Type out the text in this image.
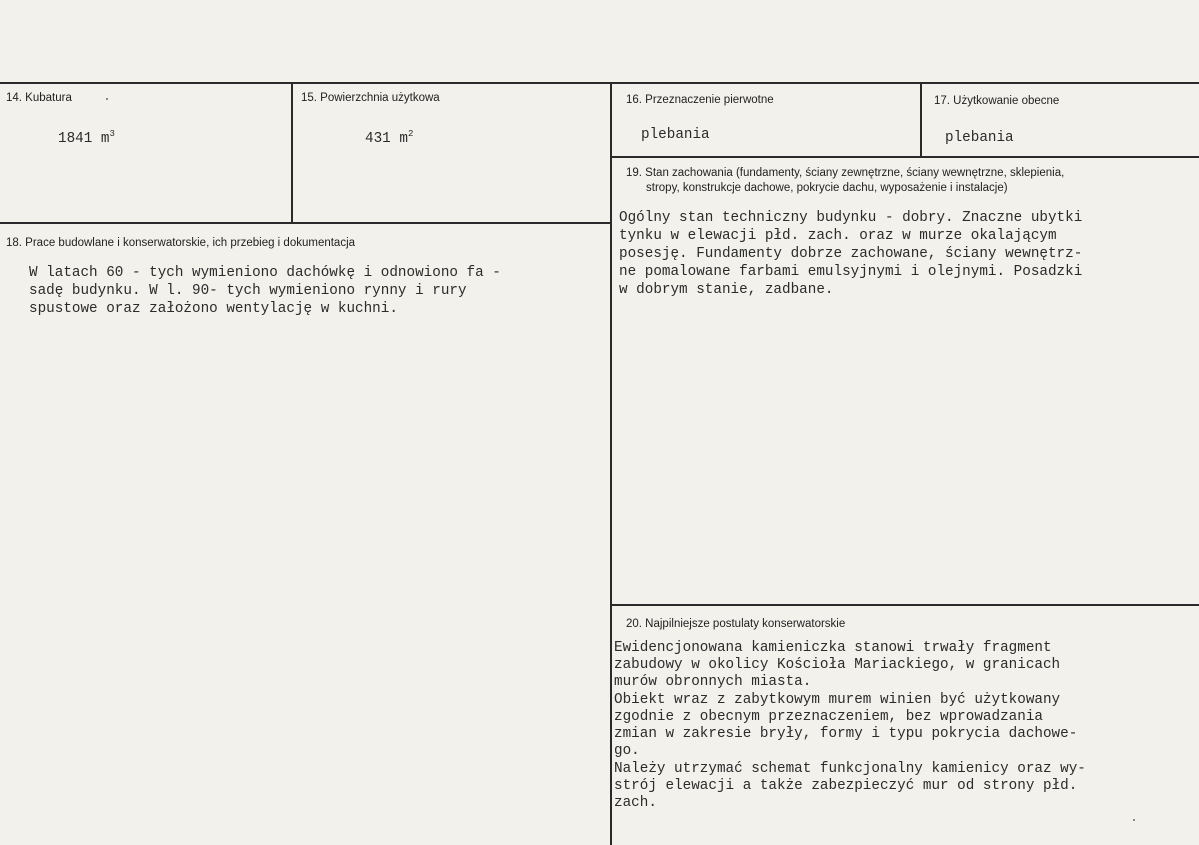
14. Kubatura
1841 $m^3$
15. Powierzchnia użytkowa
431 $m^2$
16. Przeznaczenie pierwotne
plebania
17. Użytkowanie obecne
plebania
19. Stan zachowania (fundamenty, ściany zewnętrzne, ściany wewnętrzne, sklepienia,
stropy, konstrukcje dachowe, pokrycie dachu, wyposażenie i instalacje)
Ogólny stan techniczny budynku - dobry. Znaczne ubytki
tynku w elewacji płd. zach. oraz w murze okalającym
posesję. Fundamenty dobrze zachowane, ściany wewnętrz-
ne pomalowane farbami emulsyjnymi i olejnymi. Posadzki
w dobrym stanie, zadbane.
18. Prace budowlane i konserwatorskie, ich przebieg i dokumentacja
W latach 60 - tych wymieniono dachówkę i odnowiono fa -
sadę budynku. W l. 90- tych wymieniono rynny i rury
spustowe oraz założono wentylację w kuchni.
20. Najpilniejsze postulaty konserwatorskie
Ewidencjonowana kamieniczka stanowi trwały fragment
zabudowy w okolicy Kościoła Mariackiego, w granicach
murów obronnych miasta.
Obiekt wraz z zabytkowym murem winien być użytkowany
zgodnie z obecnym przeznaczeniem, bez wprowadzania
zmian w zakresie bryły, formy i typu pokrycia dachowe-
go.
Należy utrzymać schemat funkcjonalny kamienicy oraz wy-
strój elewacji a także zabezpieczyć mur od strony płd.
zach.
